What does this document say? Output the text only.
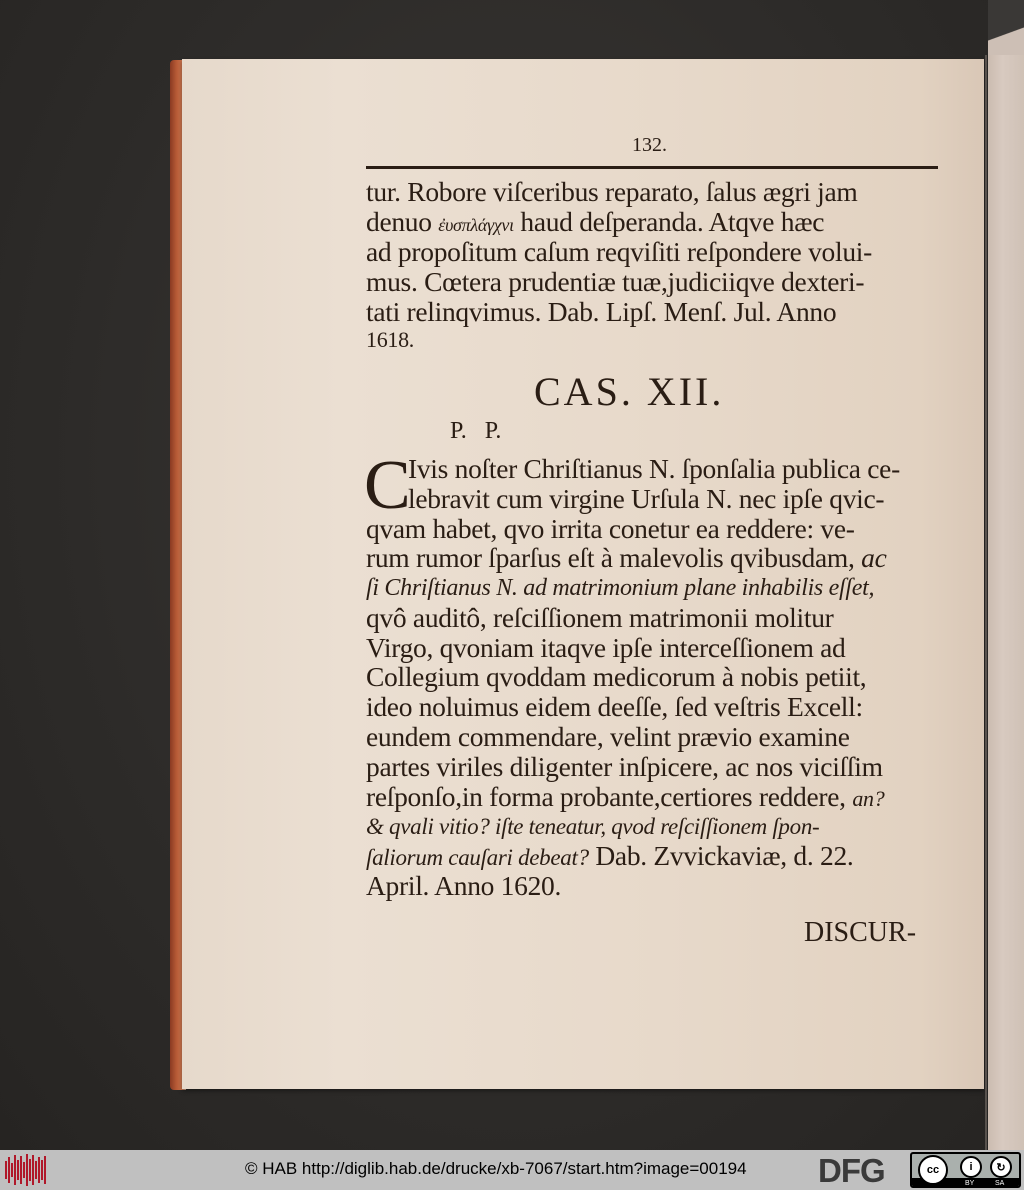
132.
tur. Robore viſceribus reparato, ſalus ægri jam
denuo ἐυσπλάγχνι haud deſperanda. Atqve hæc
ad propoſitum caſum reqviſiti reſpondere volui-
mus. Cœtera prudentiæ tuæ,judiciiqve dexteri-
tati relinqvimus. Dab. Lipſ. Menſ. Jul. Anno
1618.
CAS. XII.
P. P.
C
Ivis noſter Chriſtianus N. ſponſalia publica ce-
lebravit cum virgine Urſula N. nec ipſe qvic-
qvam habet, qvo irrita conetur ea reddere: ve-
rum rumor ſparſus eſt à malevolis qvibusdam, ac
ſi Chriſtianus N. ad matrimonium plane inhabilis eſſet,
qvô auditô, reſciſſionem matrimonii molitur
Virgo, qvoniam itaqve ipſe interceſſionem ad
Collegium qvoddam medicorum à nobis petiit,
ideo noluimus eidem deeſſe, ſed veſtris Excell:
eundem commendare, velint prævio examine
partes viriles diligenter inſpicere, ac nos viciſſim
reſponſo,in forma probante,certiores reddere, an?
& qvali vitio? iſte teneatur, qvod reſciſſionem ſpon-
ſaliorum cauſari debeat? Dab. Zvvickaviæ, d. 22.
April. Anno 1620.
DISCUR-
© HAB http://diglib.hab.de/drucke/xb-7067/start.htm?image=00194 DFG	cc	i	↻
BY	SA
